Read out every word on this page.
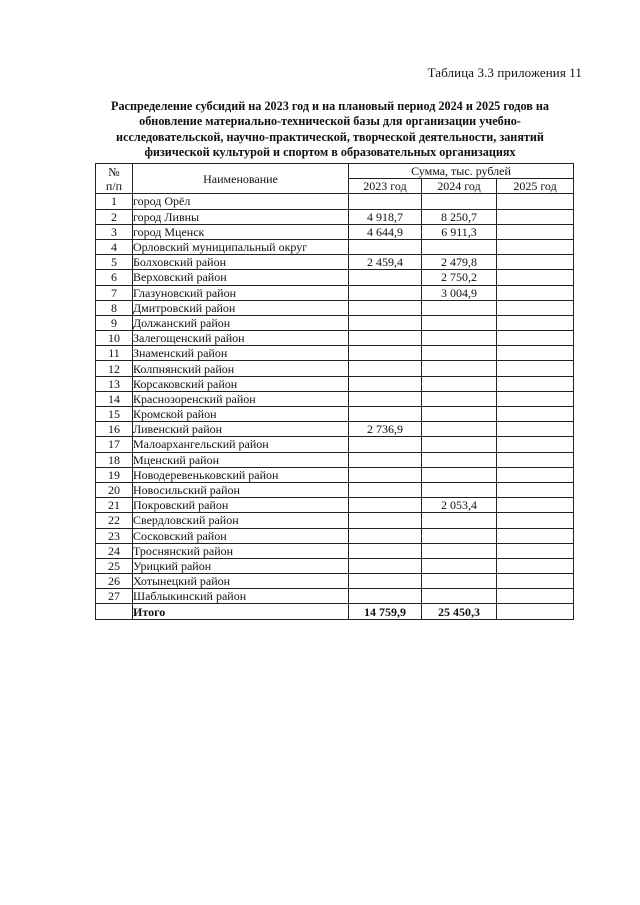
Таблица 3.3 приложения 11
Распределение субсидий на 2023 год и на плановый период 2024 и 2025 годов на
обновление материально-технической базы для организации учебно-
исследовательской, научно-практической, творческой деятельности, занятий
физической культурой и спортом в образовательных организациях
№
п/п	Наименование	Сумма, тыс. рублей		
		2023 год	2024 год	2025 год
1	город Орёл			
2	город Ливны	4 918,7	8 250,7	
3	город Мценск	4 644,9	6 911,3	
4	Орловский муниципальный округ			
5	Болховский район	2 459,4	2 479,8	
6	Верховский район		2 750,2	
7	Глазуновский район		3 004,9	
8	Дмитровский район			
9	Должанский район			
10	Залегощенский район			
11	Знаменский район			
12	Колпнянский район			
13	Корсаковский район			
14	Краснозоренский район			
15	Кромской район			
16	Ливенский район	2 736,9		
17	Малоархангельский район			
18	Мценский район			
19	Новодеревеньковский район			
20	Новосильский район			
21	Покровский район		2 053,4	
22	Свердловский район			
23	Сосковский район			
24	Троснянский район			
25	Урицкий район			
26	Хотынецкий район			
27	Шаблыкинский район			
	Итого	14 759,9	25 450,3	
